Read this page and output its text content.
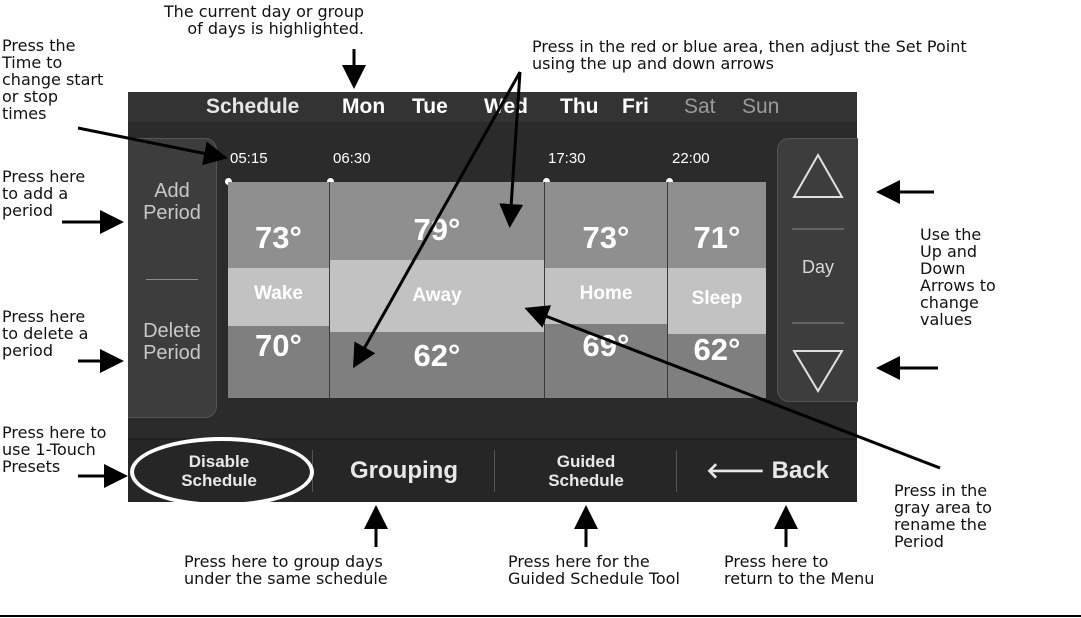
Press the
Time to
change start
or stop
times
The current day or group
of days is highlighted.
Press in the red or blue area, then adjust the Set Point
using the up and down arrows
Press here
to add a
period
Press here
to delete a
period
Press here to
use 1-Touch
Presets
Use the
Up and
Down
Arrows to
change
values
Press in the
gray area to
rename the
Period
Press here to group days
under the same schedule
Press here for the
Guided Schedule Tool
Press here to
return to the Menu
Schedule Mon Tue Wed Thu Fri Sat Sun
Add
Period
Delete
Period
05:15	06:30	17:30	22:00
Wake
73°
70°
Away
79°
62°
Home
73°
69°
Sleep
71°
62°
Day
Disable
Schedule	Grouping	Guided
Schedule	🡐 Back
